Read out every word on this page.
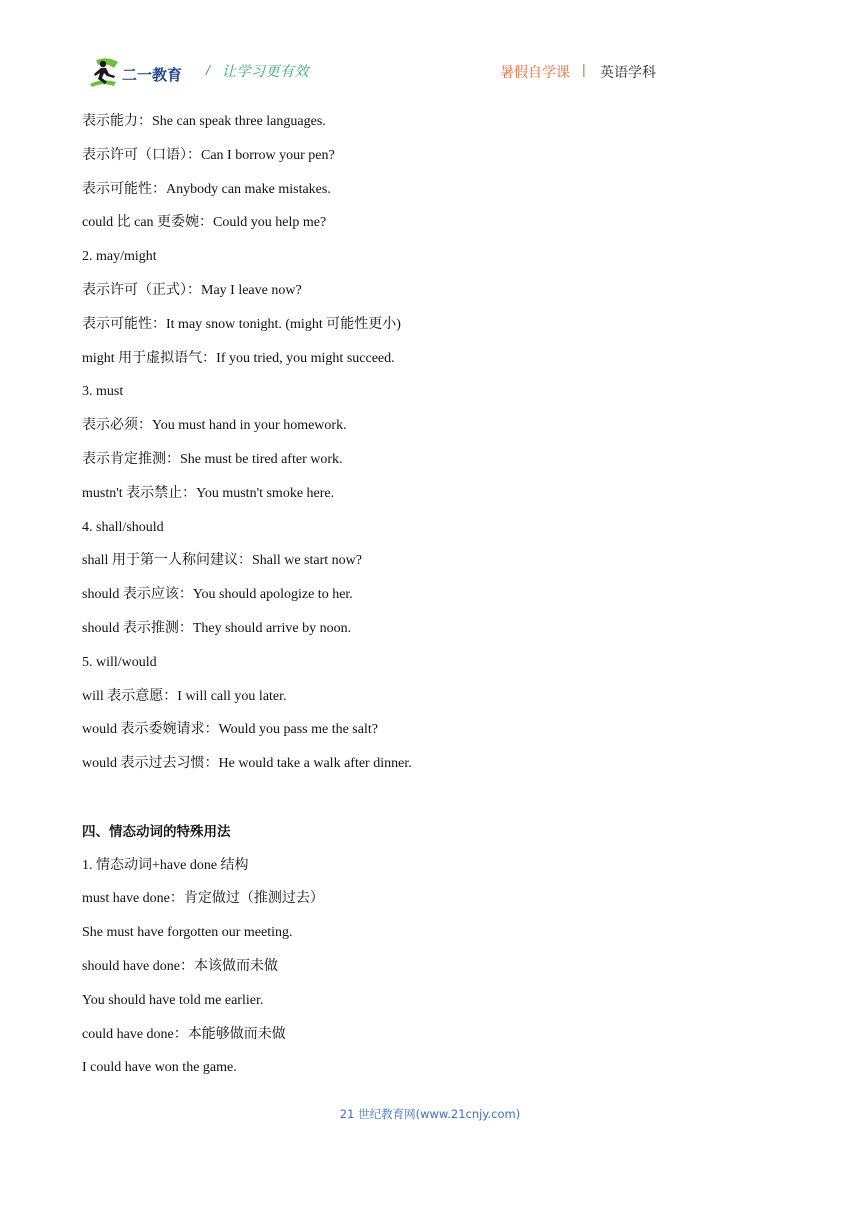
二一教育 / 让学习更有效	暑假自学课 | 英语学科
表示能力：She can speak three languages.
表示许可（口语）：Can I borrow your pen?
表示可能性：Anybody can make mistakes.
could 比 can 更委婉：Could you help me?
2. may/might
表示许可（正式）：May I leave now?
表示可能性：It may snow tonight. (might 可能性更小)
might 用于虚拟语气：If you tried, you might succeed.
3. must
表示必须：You must hand in your homework.
表示肯定推测：She must be tired after work.
mustn't 表示禁止：You mustn't smoke here.
4. shall/should
shall 用于第一人称问建议：Shall we start now?
should 表示应该：You should apologize to her.
should 表示推测：They should arrive by noon.
5. will/would
will 表示意愿：I will call you later.
would 表示委婉请求：Would you pass me the salt?
would 表示过去习惯：He would take a walk after dinner.
四、情态动词的特殊用法
1. 情态动词+have done 结构
must have done：肯定做过（推测过去）
She must have forgotten our meeting.
should have done：本该做而未做
You should have told me earlier.
could have done：本能够做而未做
I could have won the game.
21 世纪教育网(www.21cnjy.com)
